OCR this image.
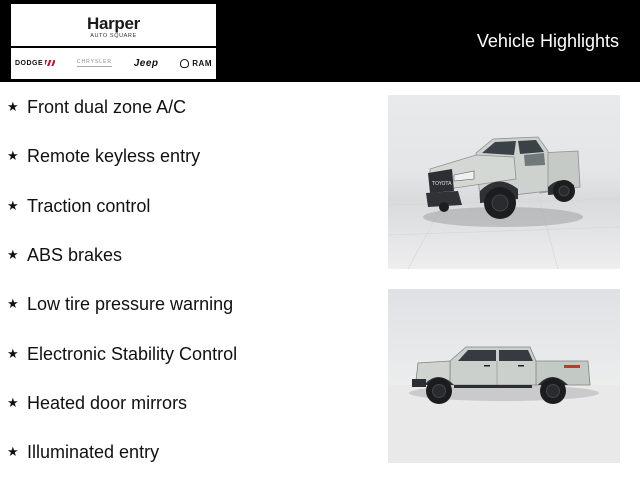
Harper
AUTO SQUARE
DODGE	CHRYSLER Jeep	RAM
Vehicle Highlights
★ Front dual zone A/C
★ Remote keyless entry
★ Traction control
★ ABS brakes
★ Low tire pressure warning
★ Electronic Stability Control
★ Heated door mirrors
★ Illuminated entry
TOYOTA
